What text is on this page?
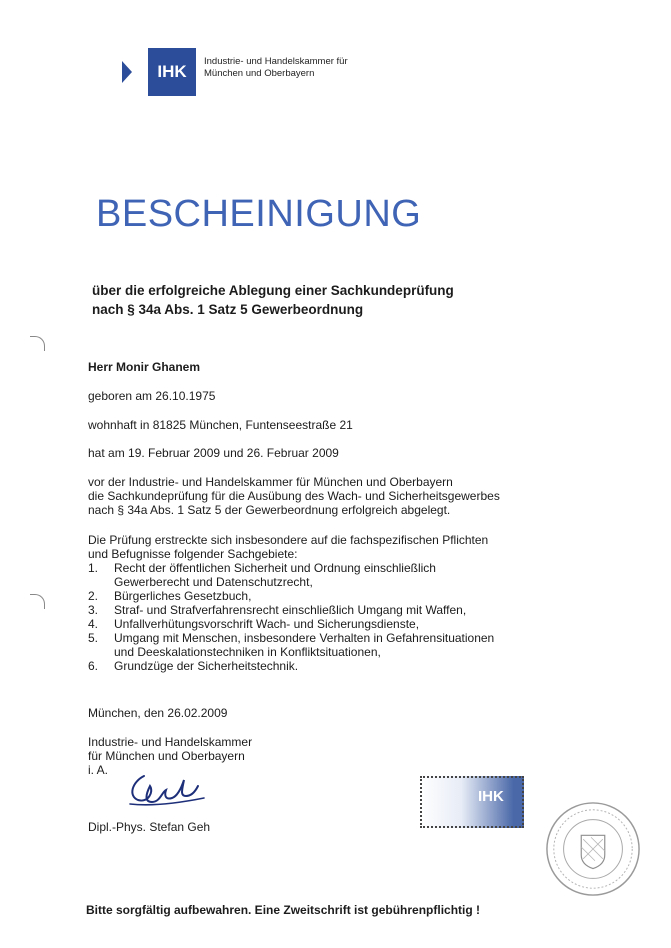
IHK
Industrie- und Handelskammer für
München und Oberbayern
BESCHEINIGUNG
über die erfolgreiche Ablegung einer Sachkundeprüfung
nach § 34a Abs. 1 Satz 5 Gewerbeordnung
Herr Monir Ghanem
geboren am 26.10.1975
wohnhaft in 81825 München, Funtenseestraße 21
hat am 19. Februar 2009 und 26. Februar 2009
vor der Industrie- und Handelskammer für München und Oberbayern
die Sachkundeprüfung für die Ausübung des Wach- und Sicherheitsgewerbes
nach § 34a Abs. 1 Satz 5 der Gewerbeordnung erfolgreich abgelegt.
Die Prüfung erstreckte sich insbesondere auf die fachspezifischen Pflichten
und Befugnisse folgender Sachgebiete:
1. Recht der öffentlichen Sicherheit und Ordnung einschließlich
Gewerberecht und Datenschutzrecht,
2. Bürgerliches Gesetzbuch,
3. Straf- und Strafverfahrensrecht einschließlich Umgang mit Waffen,
4. Unfallverhütungsvorschrift Wach- und Sicherungsdienste,
5. Umgang mit Menschen, insbesondere Verhalten in Gefahrensituationen
und Deeskalationstechniken in Konfliktsituationen,
6. Grundzüge der Sicherheitstechnik.
München, den 26.02.2009
Industrie- und Handelskammer
für München und Oberbayern
i. A.
Dipl.-Phys. Stefan Geh
IHK
Bitte sorgfältig aufbewahren. Eine Zweitschrift ist gebührenpflichtig !
